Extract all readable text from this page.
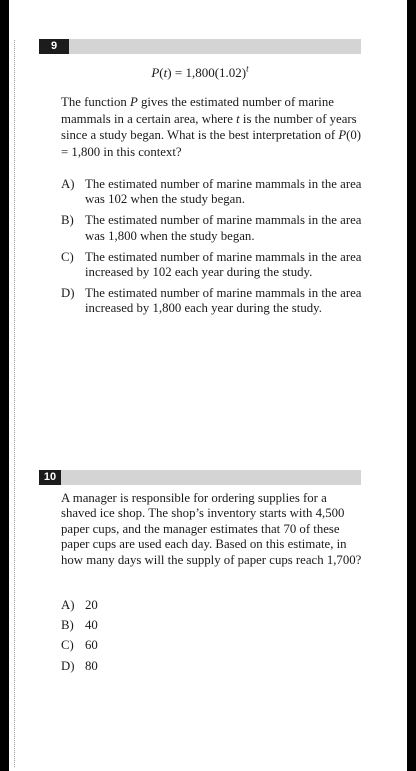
9
$P(t) = 1,800(1.02)^t$

The function P gives the estimated number of marine mammals in a certain area, where t is the number of years since a study began. What is the best interpretation of P(0) = 1,800 in this context?

A) The estimated number of marine mammals in the area was 102 when the study began.
B) The estimated number of marine mammals in the area was 1,800 when the study began.
C) The estimated number of marine mammals in the area increased by 102 each year during the study.
D) The estimated number of marine mammals in the area increased by 1,800 each year during the study.
10

A manager is responsible for ordering supplies for a shaved ice shop. The shop’s inventory starts with 4,500 paper cups, and the manager estimates that 70 of these paper cups are used each day. Based on this estimate, in how many days will the supply of paper cups reach 1,700?

A) 20
B) 40
C) 60
D) 80
